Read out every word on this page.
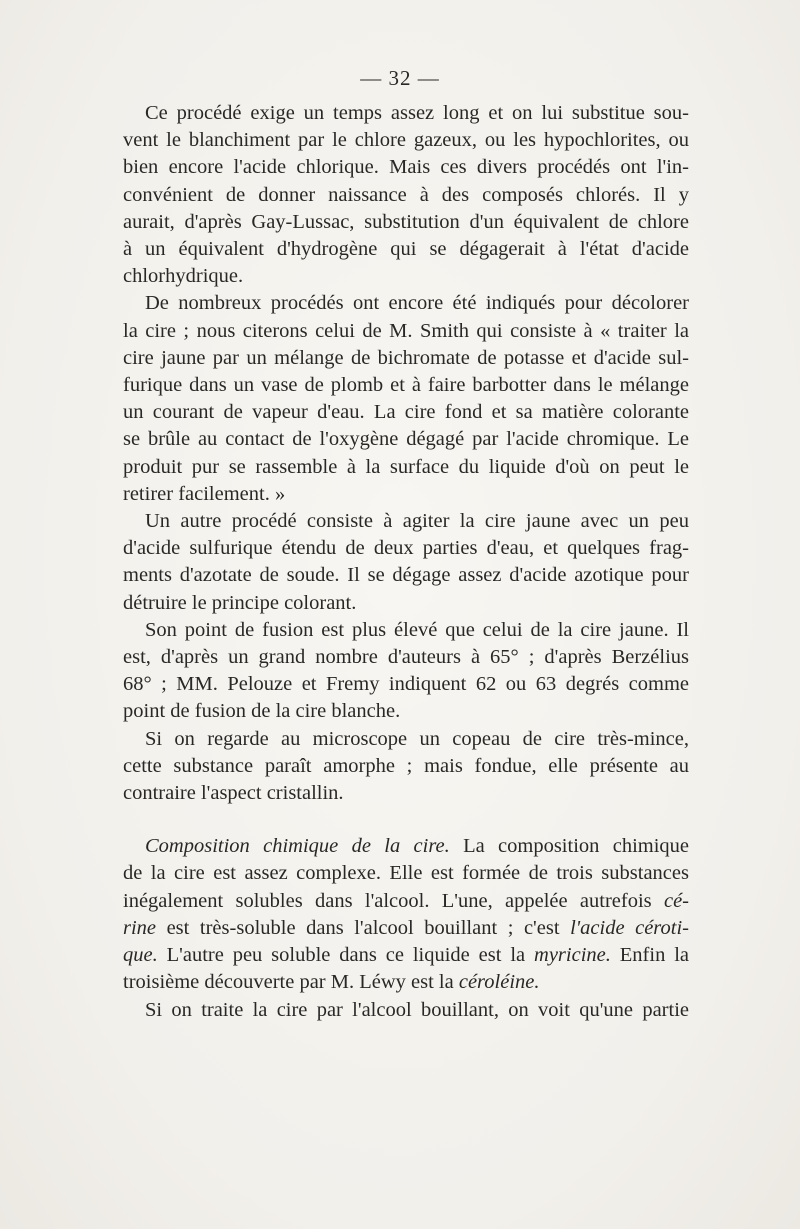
— 32 —
Ce procédé exige un temps assez long et on lui substitue sou-
vent le blanchiment par le chlore gazeux, ou les hypochlorites, ou
bien encore l'acide chlorique. Mais ces divers procédés ont l'in-
convénient de donner naissance à des composés chlorés. Il y
aurait, d'après Gay-Lussac, substitution d'un équivalent de chlore
à un équivalent d'hydrogène qui se dégagerait à l'état d'acide
chlorhydrique.
De nombreux procédés ont encore été indiqués pour décolorer
la cire ; nous citerons celui de M. Smith qui consiste à « traiter la
cire jaune par un mélange de bichromate de potasse et d'acide sul-
furique dans un vase de plomb et à faire barbotter dans le mélange
un courant de vapeur d'eau. La cire fond et sa matière colorante
se brûle au contact de l'oxygène dégagé par l'acide chromique. Le
produit pur se rassemble à la surface du liquide d'où on peut le
retirer facilement. »
Un autre procédé consiste à agiter la cire jaune avec un peu
d'acide sulfurique étendu de deux parties d'eau, et quelques frag-
ments d'azotate de soude. Il se dégage assez d'acide azotique pour
détruire le principe colorant.
Son point de fusion est plus élevé que celui de la cire jaune. Il
est, d'après un grand nombre d'auteurs à 65° ; d'après Berzélius
68° ; MM. Pelouze et Fremy indiquent 62 ou 63 degrés comme
point de fusion de la cire blanche.
Si on regarde au microscope un copeau de cire très-mince,
cette substance paraît amorphe ; mais fondue, elle présente au
contraire l'aspect cristallin.
Composition chimique de la cire. La composition chimique
de la cire est assez complexe. Elle est formée de trois substances
inégalement solubles dans l'alcool. L'une, appelée autrefois cé-
rine est très-soluble dans l'alcool bouillant ; c'est l'acide céroti-
que. L'autre peu soluble dans ce liquide est la myricine. Enfin la
troisième découverte par M. Léwy est la céroléine.
Si on traite la cire par l'alcool bouillant, on voit qu'une partie
